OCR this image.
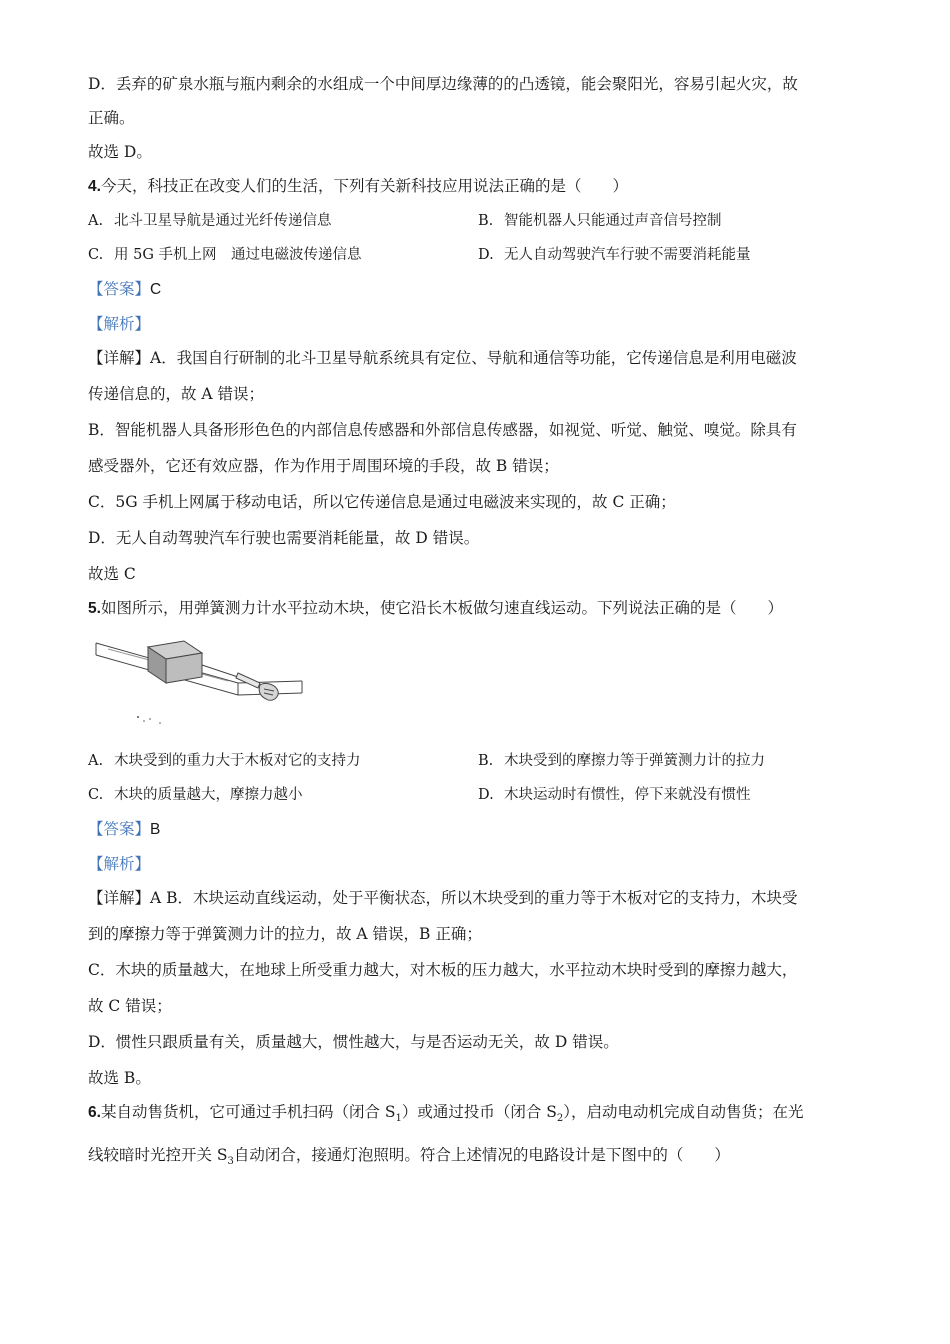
D．丢弃的矿泉水瓶与瓶内剩余的水组成一个中间厚边缘薄的的凸透镜，能会聚阳光，容易引起火灾，故

正确。

故选 D。

4.今天，科技正在改变人们的生活，下列有关新科技应用说法正确的是（　　）

A. 北斗卫星导航是通过光纤传递信息	B. 智能机器人只能通过声音信号控制
C. 用 5G 手机上网　通过电磁波传递信息	D. 无人自动驾驶汽车行驶不需要消耗能量

【答案】C

【解析】

【详解】A．我国自行研制的北斗卫星导航系统具有定位、导航和通信等功能，它传递信息是利用电磁波

传递信息的，故 A 错误；

B．智能机器人具备形形色色的内部信息传感器和外部信息传感器，如视觉、听觉、触觉、嗅觉。除具有

感受器外，它还有效应器，作为作用于周围环境的手段，故 B 错误；

C．5G 手机上网属于移动电话，所以它传递信息是通过电磁波来实现的，故 C 正确；

D．无人自动驾驶汽车行驶也需要消耗能量，故 D 错误。

故选 C

5.如图所示，用弹簧测力计水平拉动木块，使它沿长木板做匀速直线运动。下列说法正确的是（　　）

A. 木块受到的重力大于木板对它的支持力	B. 木块受到的摩擦力等于弹簧测力计的拉力
C. 木块的质量越大，摩擦力越小	D. 木块运动时有惯性，停下来就没有惯性

【答案】B

【解析】

【详解】A B．木块运动直线运动，处于平衡状态，所以木块受到的重力等于木板对它的支持力，木块受

到的摩擦力等于弹簧测力计的拉力，故 A 错误，B 正确；

C．木块的质量越大，在地球上所受重力越大，对木板的压力越大，水平拉动木块时受到的摩擦力越大，

故 C 错误；

D．惯性只跟质量有关，质量越大，惯性越大，与是否运动无关，故 D 错误。

故选 B。

6.某自动售货机，它可通过手机扫码（闭合 $S_1$）或通过投币（闭合 $S_2$），启动电动机完成自动售货；在光

线较暗时光控开关 $S_3$自动闭合，接通灯泡照明。符合上述情况的电路设计是下图中的（　　）
